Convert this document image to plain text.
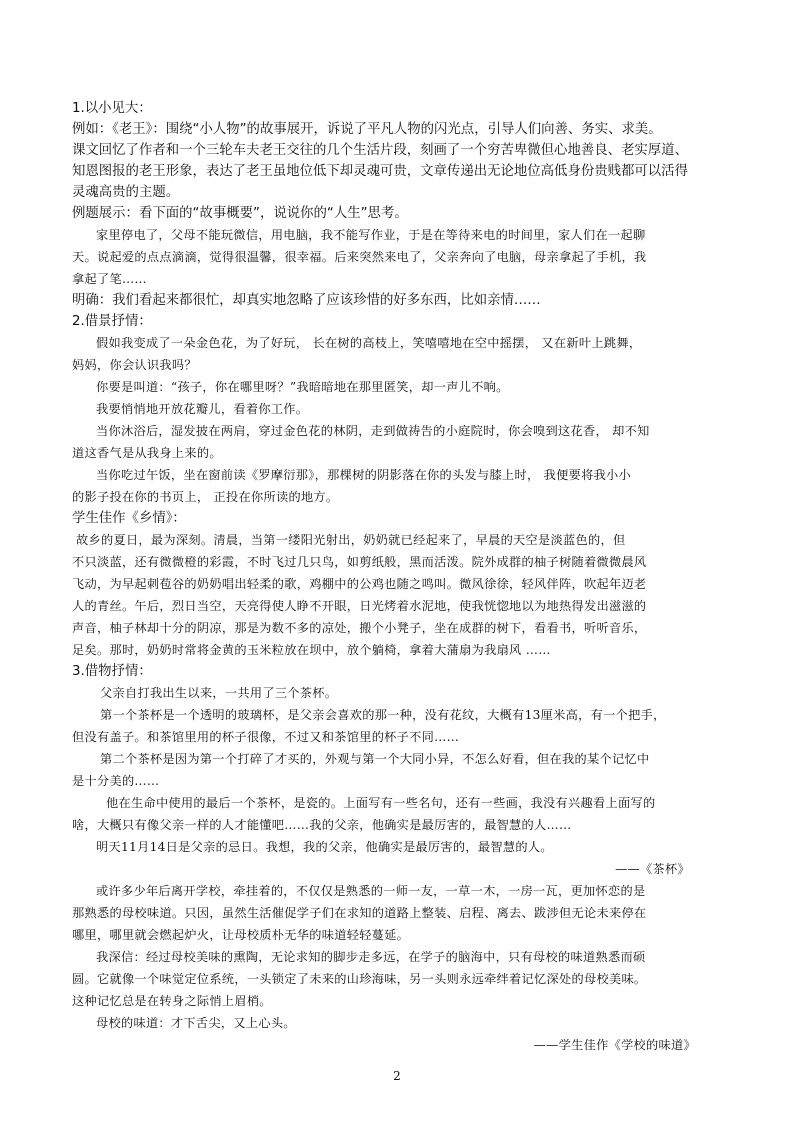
1.以小见大：

例如：《老王》：围绕“小人物”的故事展开，诉说了平凡人物的闪光点，引导人们向善、务实、求美。

课文回忆了作者和一个三轮车夫老王交往的几个生活片段，刻画了一个穷苦卑微但心地善良、老实厚道、

知恩图报的老王形象，表达了老王虽地位低下却灵魂可贵，文章传递出无论地位高低身份贵贱都可以活得

灵魂高贵的主题。

例题展示：看下面的“故事概要”，说说你的“人生”思考。

家里停电了，父母不能玩微信，用电脑，我不能写作业，于是在等待来电的时间里，家人们在一起聊

天。说起爱的点点滴滴，觉得很温馨，很幸福。后来突然来电了，父亲奔向了电脑，母亲拿起了手机，我

拿起了笔……

明确：我们看起来都很忙，却真实地忽略了应该珍惜的好多东西，比如亲情……

2.借景抒情：

假如我变成了一朵金色花，为了好玩， 长在树的高枝上，笑嘻嘻地在空中摇摆， 又在新叶上跳舞，

妈妈，你会认识我吗？

你要是叫道：“孩子，你在哪里呀？”我暗暗地在那里匿笑，却一声儿不响。

我要悄悄地开放花瓣儿，看着你工作。

当你沐浴后，湿发披在两肩，穿过金色花的林阴，走到做祷告的小庭院时，你会嗅到这花香， 却不知

道这香气是从我身上来的。

当你吃过午饭，坐在窗前读《罗摩衍那》，那棵树的阴影落在你的头发与膝上时， 我便要将我小小

的影子投在你的书页上， 正投在你所读的地方。

学生佳作《乡情》：

故乡的夏日，最为深刻。清晨，当第一缕阳光射出，奶奶就已经起来了，早晨的天空是淡蓝色的，但

不只淡蓝，还有微微橙的彩霞，不时飞过几只鸟，如剪纸般，黑而活泼。院外成群的柚子树随着微微晨风

飞动，为早起刺苞谷的奶奶唱出轻柔的歌，鸡棚中的公鸡也随之鸣叫。微风徐徐，轻风伴阵，吹起年迈老

人的青丝。午后，烈日当空，天亮得使人睁不开眼，日光烤着水泥地，使我恍惚地以为地热得发出滋滋的

声音，柚子林却十分的阴凉，那是为数不多的凉处，搬个小凳子，坐在成群的树下，看看书，听听音乐，

足矣。那时，奶奶时常将金黄的玉米粒放在坝中，放个躺椅，拿着大蒲扇为我扇风 ……

3.借物抒情：

父亲自打我出生以来，一共用了三个茶杯。

第一个茶杯是一个透明的玻璃杯，是父亲会喜欢的那一种，没有花纹，大概有13厘米高，有一个把手，

但没有盖子。和茶馆里用的杯子很像，不过又和茶馆里的杯子不同……

第二个茶杯是因为第一个打碎了才买的，外观与第一个大同小异，不怎么好看，但在我的某个记忆中

是十分美的……

他在生命中使用的最后一个茶杯，是瓷的。上面写有一些名句，还有一些画，我没有兴趣看上面写的

啥，大概只有像父亲一样的人才能懂吧……我的父亲，他确实是最厉害的，最智慧的人……

明天11月14日是父亲的忌日。我想，我的父亲，他确实是最厉害的，最智慧的人。

——《茶杯》

或许多少年后离开学校，牵挂着的，不仅仅是熟悉的一师一友，一草一木，一房一瓦，更加怀恋的是

那熟悉的母校味道。只因，虽然生活催促学子们在求知的道路上整装、启程、离去、跋涉但无论未来停在

哪里，哪里就会燃起炉火，让母校质朴无华的味道轻轻蔓延。

我深信：经过母校美味的熏陶，无论求知的脚步走多远，在学子的脑海中，只有母校的味道熟悉而硕

圆。它就像一个味觉定位系统，一头锁定了未来的山珍海味，另一头则永远牵绊着记忆深处的母校美味。

这种记忆总是在转身之际悄上眉梢。

母校的味道：才下舌尖，又上心头。

——学生佳作《学校的味道》

2
